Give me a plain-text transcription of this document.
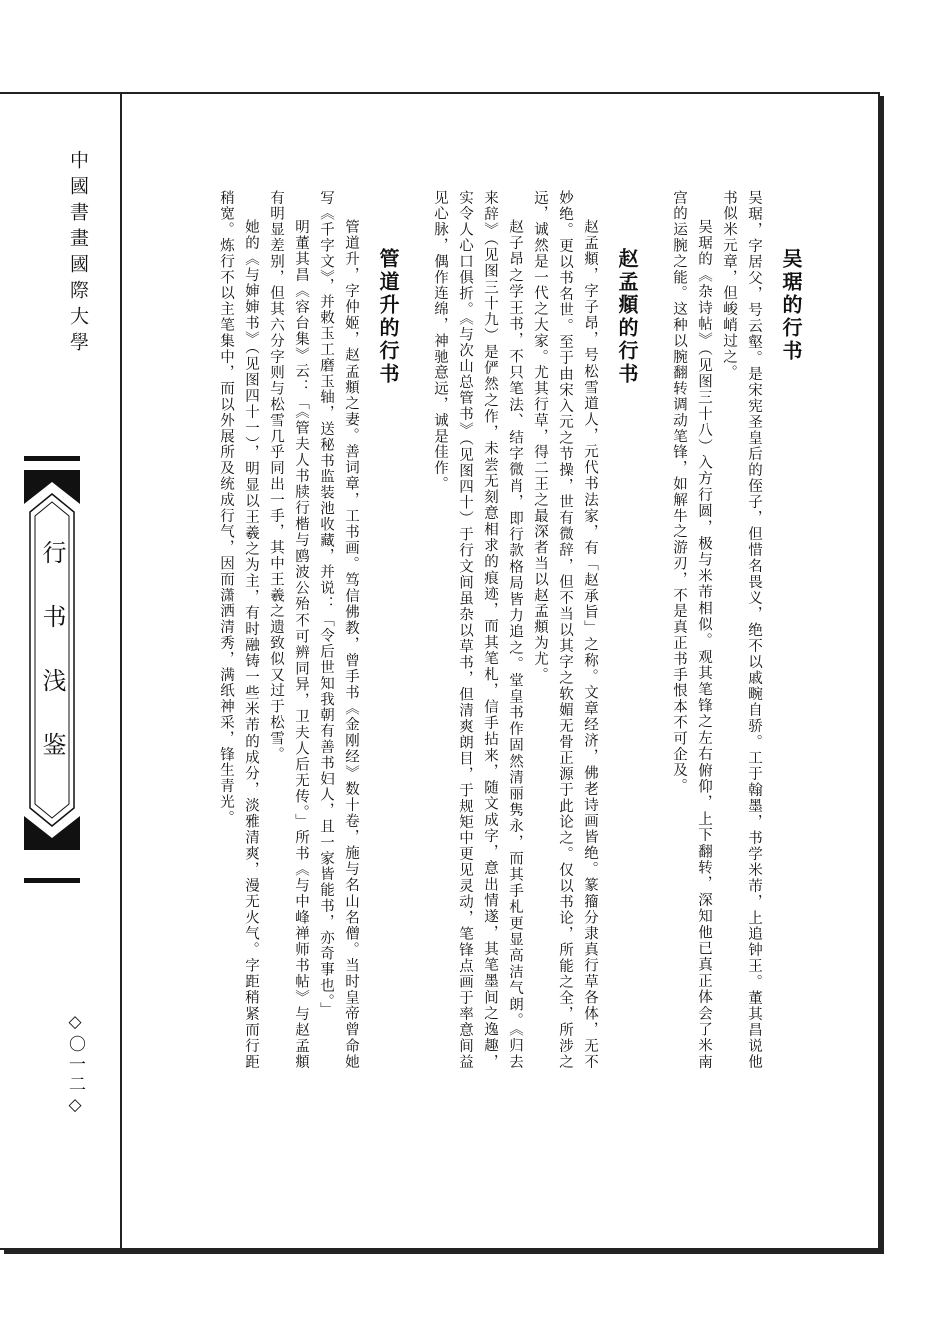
中國書畫國際大學
行书浅鉴
◇〇一二◇
吴琚的行书

吴琚，字居父，号云壑。是宋宪圣皇后的侄子，但惜名畏义，绝不以戚畹自骄。工于翰墨，书学米芾，上追钟王。董其昌说他书似米元章，但峻峭过之。

吴琚的《杂诗帖》（见图三十八）入方行圆，极与米芾相似。观其笔锋之左右俯仰，上下翻转，深知他已真正体会了米南宫的运腕之能。这种以腕翻转调动笔锋，如解牛之游刃，不是真正书手恨本不可企及。

赵孟頫的行书

赵孟頫，字子昂，号松雪道人，元代书法家，有「赵承旨」之称。文章经济，佛老诗画皆绝。篆籀分隶真行草各体，无不妙绝。更以书名世。至于由宋入元之节操，世有微辞，但不当以其字之软媚无骨正源于此论之。仅以书论，所能之全，所涉之远，诚然是一代之大家。尤其行草，得二王之最深者当以赵孟頫为尤。

赵子昂之学王书，不只笔法、结字微肖，即行款格局皆力追之。堂皇书作固然清丽隽永，而其手札更显高洁气朗。《归去来辞》（见图三十九）是俨然之作，未尝无刻意相求的痕迹，而其笔札，信手拈来，随文成字，意出情遂，其笔墨间之逸趣，实令人心口俱折。《与次山总管书》（见图四十）于行文间虽杂以草书，但清爽朗目，于规矩中更见灵动，笔锋点画于率意间益见心脉，偶作连绵，神驰意远，诚是佳作。

管道升的行书

管道升，字仲姬，赵孟頫之妻。善词章，工书画。笃信佛教，曾手书《金刚经》数十卷，施与名山名僧。当时皇帝曾命她写《千字文》，并敕玉工磨玉轴，送秘书监装池收藏，并说：「令后世知我朝有善书妇人，且一家皆能书，亦奇事也。」

明董其昌《容台集》云：「《管夫人书牍行楷与鸥波公殆不可辨同异，卫夫人后无传。」所书《与中峰禅师书帖》与赵孟頫有明显差别，但其六分字则与松雪几乎同出一手，其中王羲之遗致似又过于松雪。

她的《与婶婶书》（见图四十一），明显以王羲之为主，有时融铸一些米芾的成分，淡雅清爽，漫无火气。字距稍紧而行距稍宽。炼行不以主笔集中，而以外展所及统成行气，因而潇洒清秀，满纸神采，锋生青光。
